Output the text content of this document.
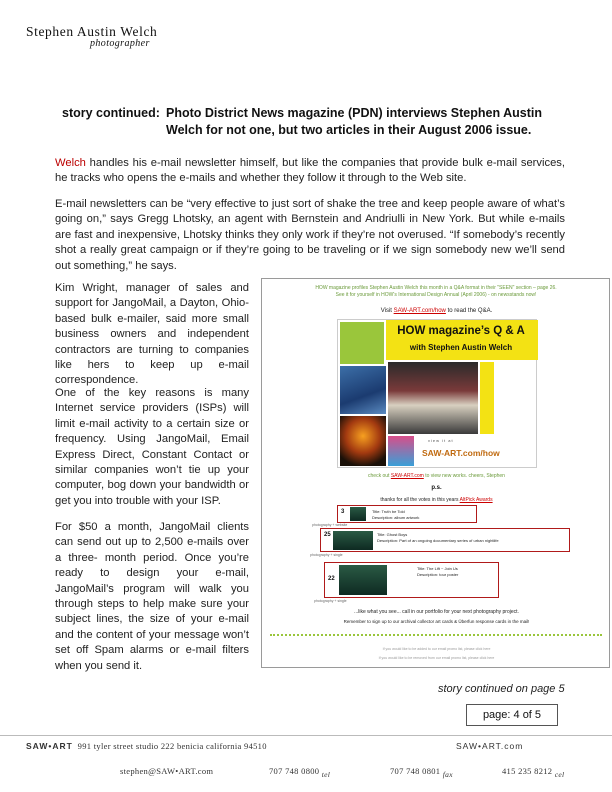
Stephen Austin Welch
photographer
story continued: Photo District News magazine (PDN) interviews Stephen Austin Welch for not one, but two articles in their August 2006 issue.

Welch handles his e-mail newsletter himself, but like the companies that provide bulk e-mail services, he tracks who opens the e-mails and whether they follow it through to the Web site.

E-mail newsletters can be “very effective to just sort of shake the tree and keep people aware of what’s going on,” says Gregg Lhotsky, an agent with Bernstein and Andriulli in New York. But while e-mails are fast and inexpensive, Lhotsky thinks they only work if they’re not overused. “If somebody’s recently shot a really great campaign or if they’re going to be traveling or if we sign somebody new we’ll send out something,” he says.

Kim Wright, manager of sales and support for JangoMail, a Dayton, Ohio-based bulk e-mailer, said more small business owners and independent contractors are turning to companies like hers to keep up e-mail correspondence.

One of the key reasons is many Internet service providers (ISPs) will limit e-mail activity to a certain size or frequency. Using JangoMail, Email Express Direct, Constant Contact or similar companies won’t tie up your computer, bog down your bandwidth or get you into trouble with your ISP.

For $50 a month, JangoMail clients can send out up to 2,500 e-mails over a three- month period. Once you’re ready to design your e-mail, JangoMail’s program will walk you through steps to help make sure your subject lines, the size of your e-mail and the content of your message won’t set off Spam alarms or e-mail filters when you send it.

HOW magazine profiles Stephen Austin Welch this month in a Q&A format in their "SEEN" section – page 26.
See it for yourself in HOW's International Design Annual (April 2006) - on newsstands now!
Visit SAW-ART.com/how to read the Q&A.
HOW magazine’s Q & A
with Stephen Austin Welch
view it at
SAW-ART.com/how
check out SAW-ART.com to view new works. cheers, Stephen
p.s.
thanks for all the votes in this years AltPick Awards
3	Title: Truth be Told
Description: album artwork
photography + website
25	Title: Ghost Boys
Description: Part of an ongoing documentary series of urban nightlife
photography + single
22
Title: The Lift ~ Join Us
Description: tour poster
photography + single
...like what you see... call in our portfolio for your next photography project.
Remember to sign up to our archival collector art cards & Überfun response cards in the mail!
If you would like to be added to our email promo list, please click here
If you would like to be removed from our email promo list, please click here
story continued on page 5
page: 4 of 5
SAW•ART 991 tyler street studio 222 benicia california 94510	SAW•ART.com
stephen@SAW•ART.com	707 748 0800 tel	707 748 0801 fax	415 235 8212 cel
